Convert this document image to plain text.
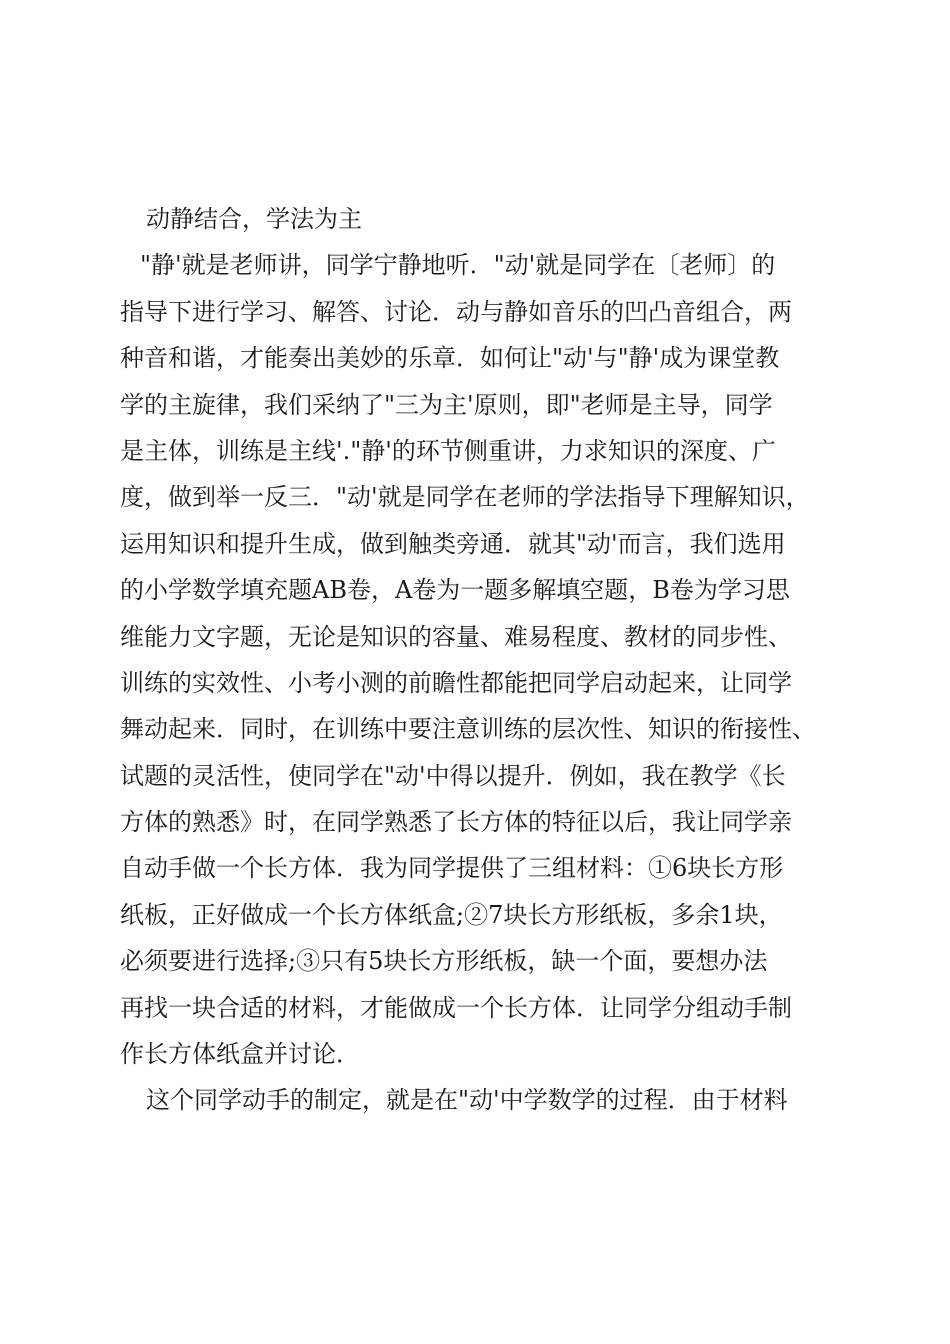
动静结合，学法为主
"静'就是老师讲，同学宁静地听．"动'就是同学在〔老师〕的
指导下进行学习、解答、讨论．动与静如音乐的凹凸音组合，两
种音和谐，才能奏出美妙的乐章．如何让"动'与"静'成为课堂教
学的主旋律，我们采纳了"三为主'原则，即"老师是主导，同学
是主体，训练是主线'."静'的环节侧重讲，力求知识的深度、广
度，做到举一反三．"动'就是同学在老师的学法指导下理解知识，
运用知识和提升生成，做到触类旁通．就其"动'而言，我们选用
的小学数学填充题AB卷，A卷为一题多解填空题，B卷为学习思
维能力文字题，无论是知识的容量、难易程度、教材的同步性、
训练的实效性、小考小测的前瞻性都能把同学启动起来，让同学
舞动起来．同时，在训练中要注意训练的层次性、知识的衔接性、
试题的灵活性，使同学在"动'中得以提升．例如，我在教学《长
方体的熟悉》时，在同学熟悉了长方体的特征以后，我让同学亲
自动手做一个长方体．我为同学提供了三组材料：①6块长方形
纸板，正好做成一个长方体纸盒;②7块长方形纸板，多余1块，
必须要进行选择;③只有5块长方形纸板，缺一个面，要想办法
再找一块合适的材料，才能做成一个长方体．让同学分组动手制
作长方体纸盒并讨论．
这个同学动手的制定，就是在"动'中学数学的过程．由于材料
